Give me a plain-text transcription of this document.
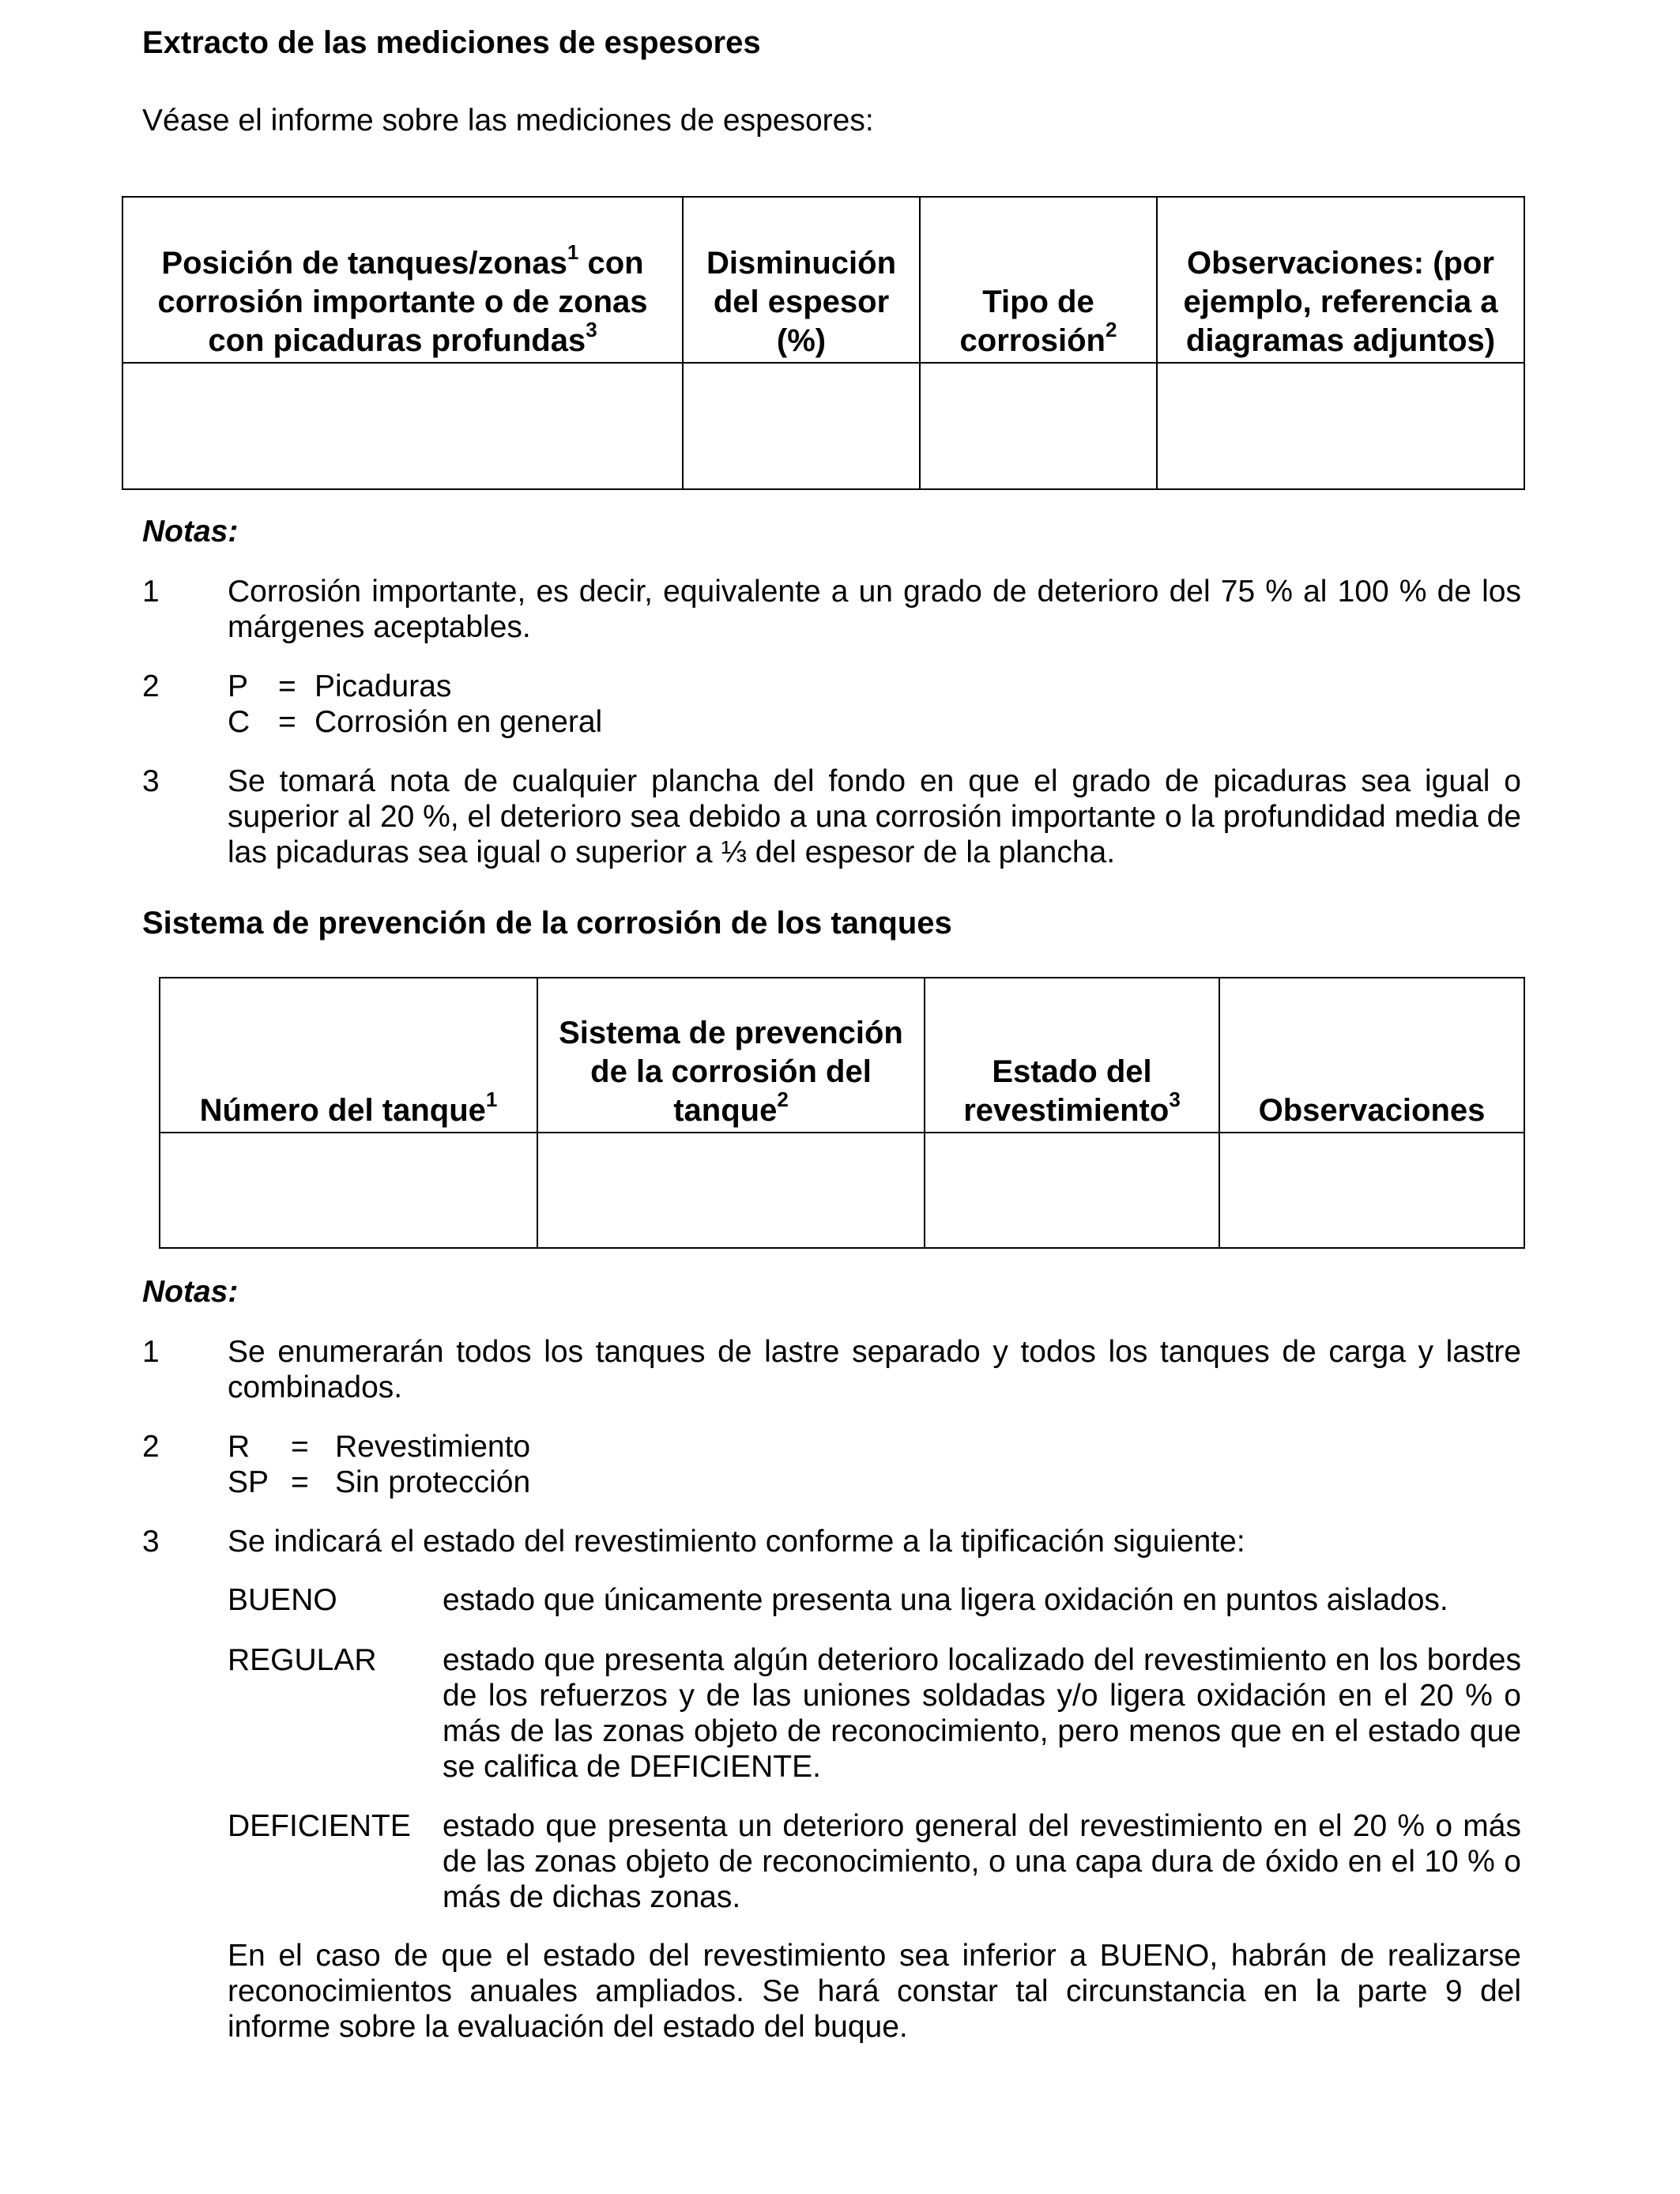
Extracto de las mediciones de espesores

Véase el informe sobre las mediciones de espesores:

Posición de tanques/zonas$^1$ con corrosión importante o de zonas con picaduras profundas$^3$	Disminución del espesor (%)	Tipo de corrosión$^2$	Observaciones: (por ejemplo, referencia a diagramas adjuntos)

Notas:

1	Corrosión importante, es decir, equivalente a un grado de deterioro del 75 % al 100 % de los márgenes aceptables.

2	P = Picaduras
C = Corrosión en general
3	Se tomará nota de cualquier plancha del fondo en que el grado de picaduras sea igual o superior al 20 %, el deterioro sea debido a una corrosión importante o la profundidad media de las picaduras sea igual o superior a ⅓ del espesor de la plancha.

Sistema de prevención de la corrosión de los tanques
Número del tanque$^1$	Sistema de prevención de la corrosión del tanque$^2$	Estado del revestimiento$^3$	Observaciones

Notas:

1	Se enumerarán todos los tanques de lastre separado y todos los tanques de carga y lastre combinados.

2	R	= Revestimiento
SP = Sin protección
3	Se indicará el estado del revestimiento conforme a la tipificación siguiente:

BUENO	estado que únicamente presenta una ligera oxidación en puntos aislados.

REGULAR estado que presenta algún deterioro localizado del revestimiento en los bordes de los refuerzos y de las uniones soldadas y/o ligera oxidación en el 20 % o más de las zonas objeto de reconocimiento, pero menos que en el estado que se califica de DEFICIENTE.

DEFICIENTE estado que presenta un deterioro general del revestimiento en el 20 % o más de las zonas objeto de reconocimiento, o una capa dura de óxido en el 10 % o más de dichas zonas.

En el caso de que el estado del revestimiento sea inferior a BUENO, habrán de realizarse reconocimientos anuales ampliados. Se hará constar tal circunstancia en la parte 9 del informe sobre la evaluación del estado del buque.
